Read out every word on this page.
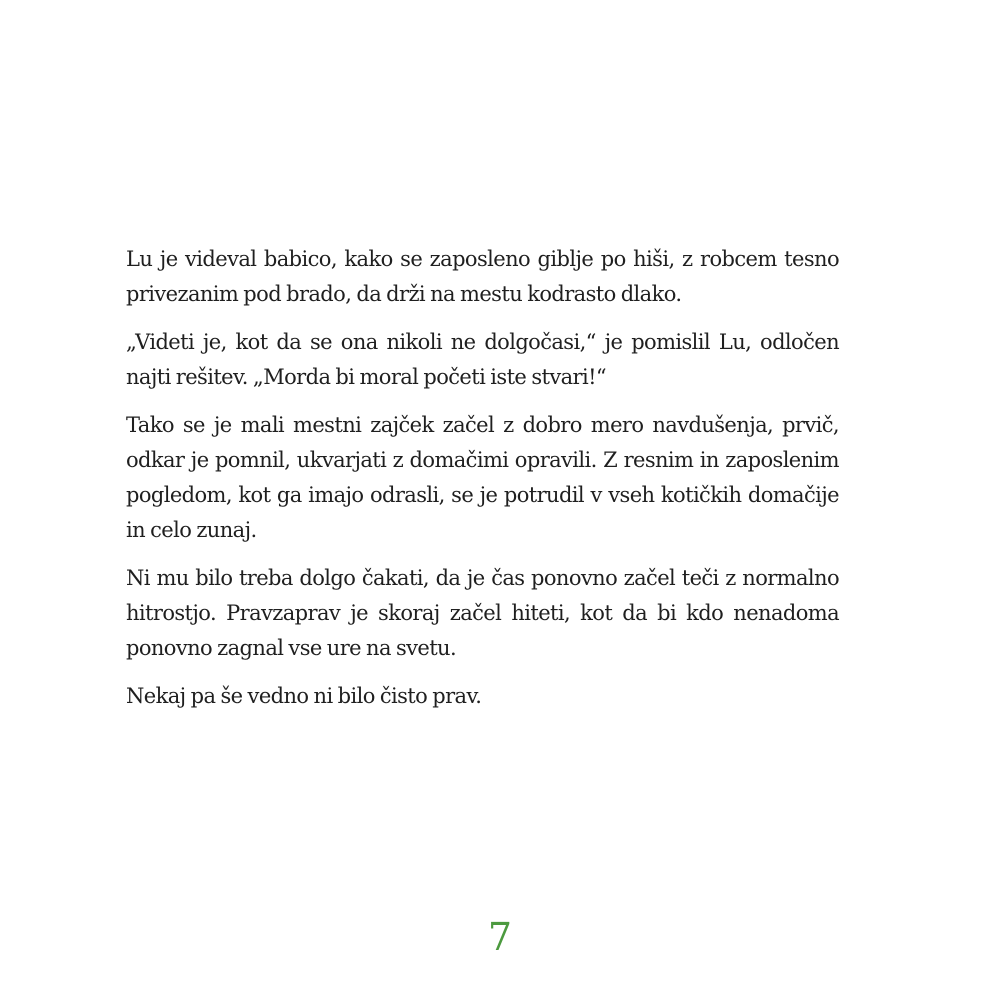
Lu je videval babico, kako se zaposleno giblje po hiši, z robcem tesno privezanim pod brado, da drži na mestu kodrasto dlako.

„Videti je, kot da se ona nikoli ne dolgočasi,“ je pomislil Lu, odločen najti rešitev. „Morda bi moral početi iste stvari!“

Tako se je mali mestni zajček začel z dobro mero navdušenja, prvič, odkar je pomnil, ukvarjati z domačimi opravili. Z resnim in zaposlenim pogledom, kot ga imajo odrasli, se je potrudil v vseh kotičkih domačije in celo zunaj.

Ni mu bilo treba dolgo čakati, da je čas ponovno začel teči z normalno hitrostjo. Pravzaprav je skoraj začel hiteti, kot da bi kdo nenadoma ponovno zagnal vse ure na svetu.

Nekaj pa še vedno ni bilo čisto prav.

7
